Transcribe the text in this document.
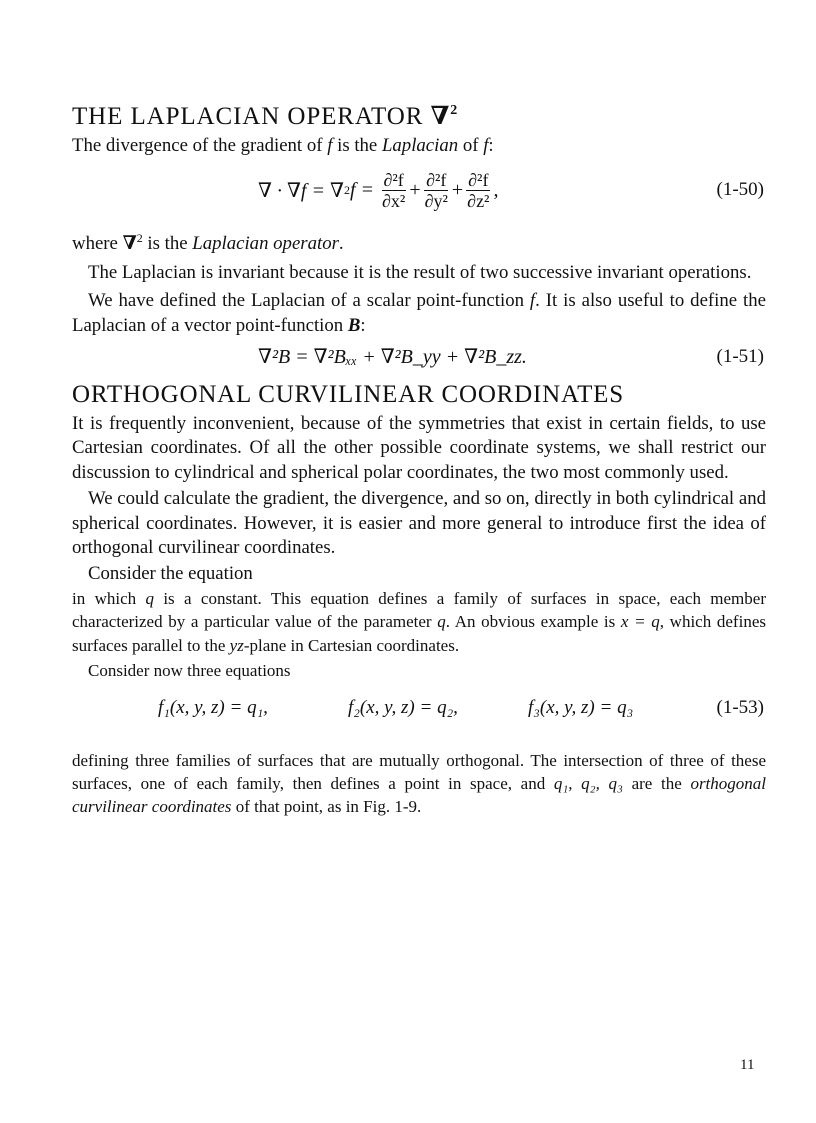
THE LAPLACIAN OPERATOR ∇$^2$

The divergence of the gradient of f is the Laplacian of f:

∇ · ∇f = ∇ 2 $f = \frac{\text{∂²f}}{\text{∂x²}} + \frac{\text{∂²f}}{\text{∂y²}} + \frac{\text{∂²f}}{\text{∂z²}}$ ,	(1-50)

where ∇$^2$ is the Laplacian operator.

The Laplacian is invariant because it is the result of two successive invariant operations.

We have defined the Laplacian of a scalar point-function f. It is also useful to define the Laplacian of a vector point-function B:

∇²B = ∇²Bₓₓ + ∇²B_yy + ∇²B_zz.	(1-51)
ORTHOGONAL CURVILINEAR COORDINATES

It is frequently inconvenient, because of the symmetries that exist in certain fields, to use Cartesian coordinates. Of all the other possible coordinate systems, we shall restrict our discussion to cylindrical and spherical polar coordinates, the two most commonly used.

We could calculate the gradient, the divergence, and so on, directly in both cylindrical and spherical coordinates. However, it is easier and more general to introduce first the idea of orthogonal curvilinear coordinates.

Consider the equation

in which q is a constant. This equation defines a family of surfaces in space, each member characterized by a particular value of the parameter q. An obvious example is x = q, which defines surfaces parallel to the yz-plane in Cartesian coordinates.

Consider now three equations

f₁(x, y, z) = q₁,	f₂(x, y, z) = q₂,	f₃(x, y, z) = q₃	(1-53)

defining three families of surfaces that are mutually orthogonal. The intersection of three of these surfaces, one of each family, then defines a point in space, and q₁, q₂, q₃ are the orthogonal curvilinear coordinates of that point, as in Fig. 1-9.

11
